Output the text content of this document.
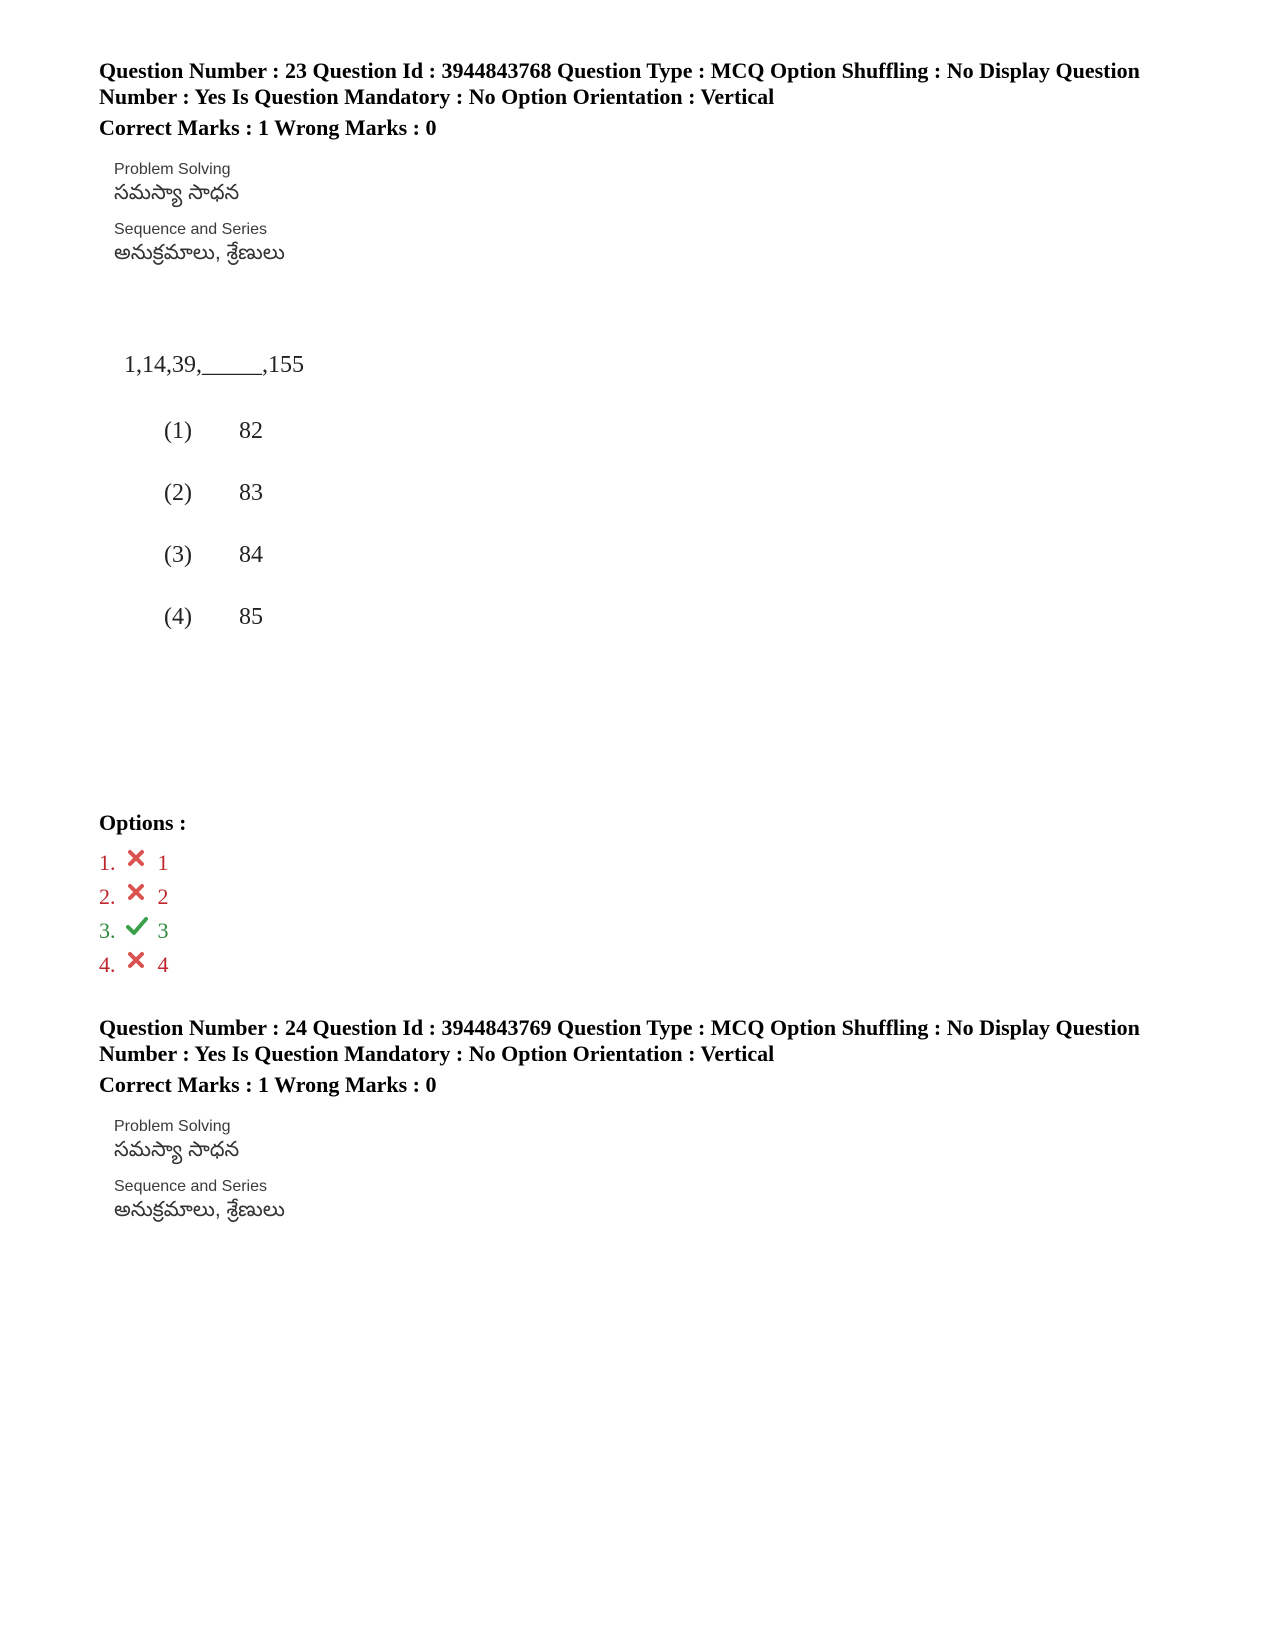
Question Number : 23 Question Id : 3944843768 Question Type : MCQ Option Shuffling : No Display Question
Number : Yes Is Question Mandatory : No Option Orientation : Vertical
Correct Marks : 1 Wrong Marks : 0
Problem Solving
సమస్యా సాధన
Sequence and Series
అనుక్రమాలు, శ్రేణులు
1,14,39,_____,155
(1)	82
(2)	83
(3)	84
(4)	85
Options :
1. 1
2. 2
3. 3
4. 4
Question Number : 24 Question Id : 3944843769 Question Type : MCQ Option Shuffling : No Display Question
Number : Yes Is Question Mandatory : No Option Orientation : Vertical
Correct Marks : 1 Wrong Marks : 0
Problem Solving
సమస్యా సాధన
Sequence and Series
అనుక్రమాలు, శ్రేణులు
